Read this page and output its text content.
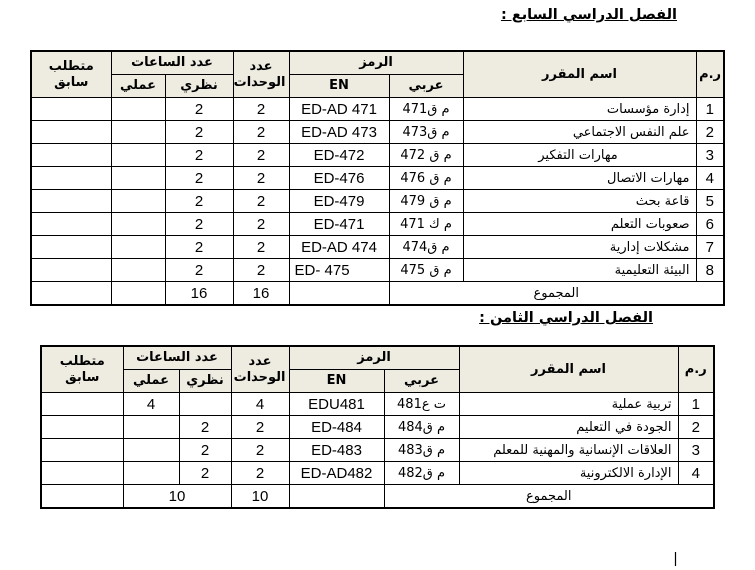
الفصل الدراسي السابع :
ر.م	اسم المقرر	الرمز		عدد الوحدات	عدد الساعات		متطلب سابق
		عربي	EN		نظري	عملي	
1	إدارة مؤسسات	م ق471	ED-AD 471	2	2		
2	علم النفس الاجتماعي	م ق473	ED-AD 473	2	2		
3	مهارات التفكير	م ق 472	ED-472	2	2		
4	مهارات الاتصال	م ق 476	ED-476	2	2		
5	قاعة بحث	م ق 479	ED-479	2	2		
6	صعوبات التعلم	م ك 471	ED-471	2	2		
7	مشكلات إدارية	م ق474	ED-AD 474	2	2		
8	البيئة التعليمية	م ق 475	ED- 475	2	2		
المجموع				16	16		
الفصل الدراسي الثامن :
ر.م	اسم المقرر	الرمز		عدد الوحدات	عدد الساعات		متطلب سابق
		عربي	EN		نظري	عملي	
1	تربية عملية	ت ع481	EDU481	4		4	
2	الجودة في التعليم	م ق484	ED-484	2	2		
3	العلاقات الإنسانية والمهنية للمعلم	م ق483	ED-483	2	2		
4	الإدارة الالكترونية	م ق482	ED-AD482	2	2		
المجموع				10	10		
|
